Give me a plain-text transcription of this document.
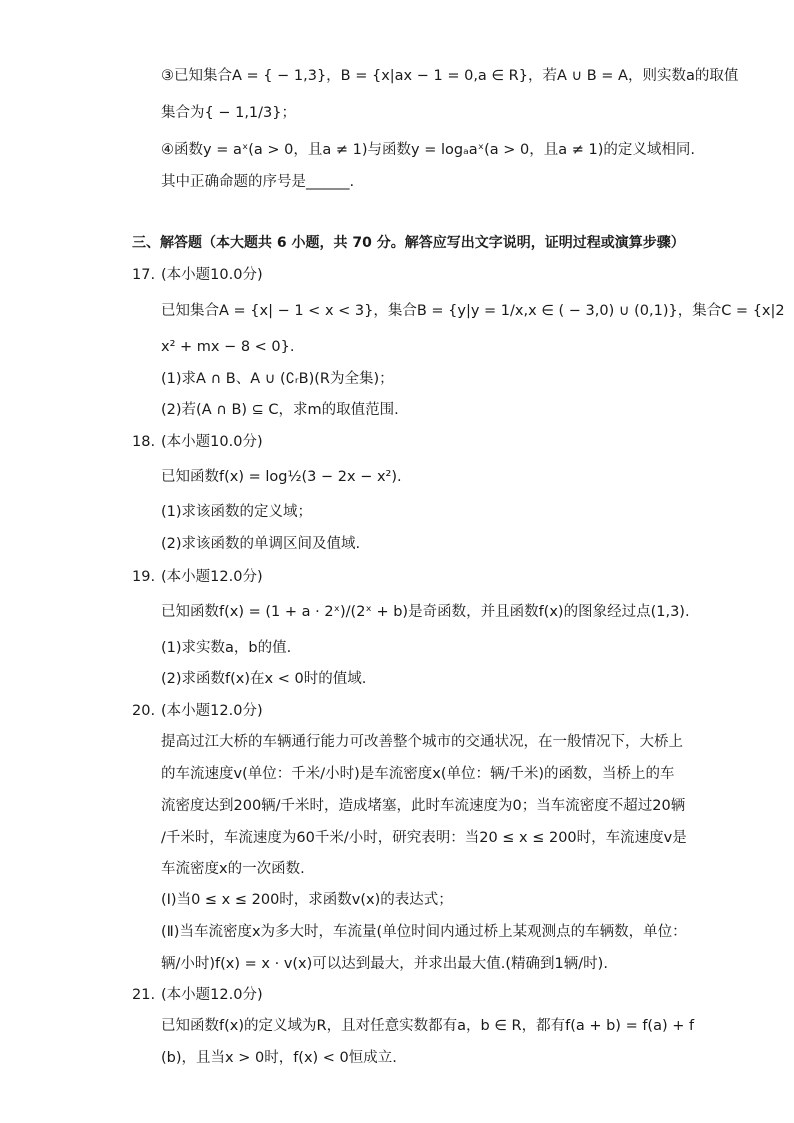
③已知集合A = { − 1,3}，B = {x|ax − 1 = 0,a ∈ R}，若A ∪ B = A，则实数a的取值
集合为{ − 1,1/3}；
④函数y = aˣ(a > 0，且a ≠ 1)与函数y = logₐaˣ(a > 0，且a ≠ 1)的定义域相同.
其中正确命题的序号是______.
三、解答题（本大题共 6 小题，共 70 分。解答应写出文字说明，证明过程或演算步骤）
17. (本小题10.0分)
已知集合A = {x| − 1 < x < 3}，集合B = {y|y = 1/x,x ∈ ( − 3,0) ∪ (0,1)}，集合C = {x|2
x² + mx − 8 < 0}.
(1)求A ∩ B、A ∪ (∁ᵣB)(R为全集)；
(2)若(A ∩ B) ⊆ C，求m的取值范围.
18. (本小题10.0分)
已知函数f(x) = log½(3 − 2x − x²).
(1)求该函数的定义域；
(2)求该函数的单调区间及值域.
19. (本小题12.0分)
已知函数f(x) = (1 + a · 2ˣ)/(2ˣ + b)是奇函数，并且函数f(x)的图象经过点(1,3).
(1)求实数a，b的值.
(2)求函数f(x)在x < 0时的值域.
20. (本小题12.0分)
提高过江大桥的车辆通行能力可改善整个城市的交通状况，在一般情况下，大桥上
的车流速度v(单位：千米/小时)是车流密度x(单位：辆/千米)的函数，当桥上的车
流密度达到200辆/千米时，造成堵塞，此时车流速度为0；当车流密度不超过20辆
/千米时，车流速度为60千米/小时，研究表明：当20 ≤ x ≤ 200时，车流速度v是
车流密度x的一次函数.
(Ⅰ)当0 ≤ x ≤ 200时，求函数v(x)的表达式；
(Ⅱ)当车流密度x为多大时，车流量(单位时间内通过桥上某观测点的车辆数，单位：
辆/小时)f(x) = x · v(x)可以达到最大，并求出最大值.(精确到1辆/时).
21. (本小题12.0分)
已知函数f(x)的定义域为R，且对任意实数都有a，b ∈ R，都有f(a + b) = f(a) + f
(b)，且当x > 0时，f(x) < 0恒成立.
